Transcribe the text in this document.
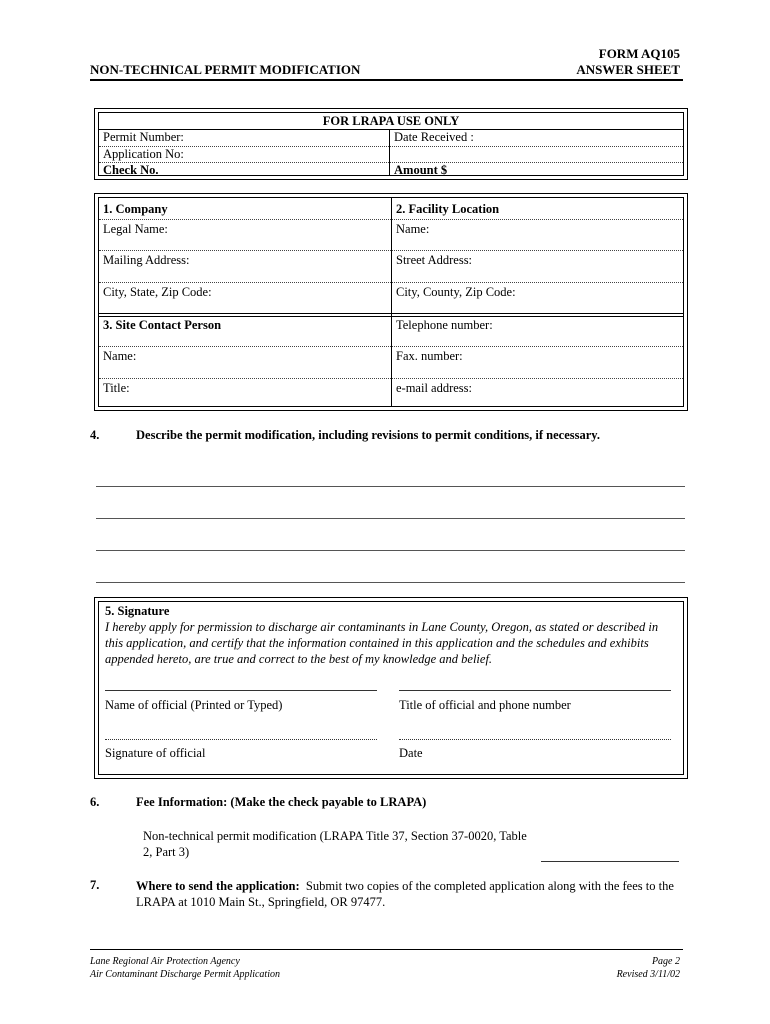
NON-TECHNICAL PERMIT MODIFICATION
FORM AQ105
ANSWER SHEET
FOR LRAPA USE ONLY
Permit Number:	Date Received :
Application No:
Check No.	Amount $
1. Company	2. Facility Location
Legal Name:	Name:
Mailing Address:	Street Address:
City, State, Zip Code:	City, County, Zip Code:
3. Site Contact Person	Telephone number:
Name:	Fax. number:
Title:	e-mail address:
4.	Describe the permit modification, including revisions to permit conditions, if necessary.
5. Signature
I hereby apply for permission to discharge air contaminants in Lane County, Oregon, as stated or described in this application, and certify that the information contained in this application and the schedules and exhibits appended hereto, are true and correct to the best of my knowledge and belief.
Name of official (Printed or Typed)	Title of official and phone number
Signature of official	Date
6.	Fee Information: (Make the check payable to LRAPA)
Non-technical permit modification (LRAPA Title 37, Section 37-0020, Table
2, Part 3)
7.	Where to send the application: Submit two copies of the completed application along with the fees to the
LRAPA at 1010 Main St., Springfield, OR 97477.
Lane Regional Air Protection Agency
Air Contaminant Discharge Permit Application
Page 2
Revised 3/11/02
